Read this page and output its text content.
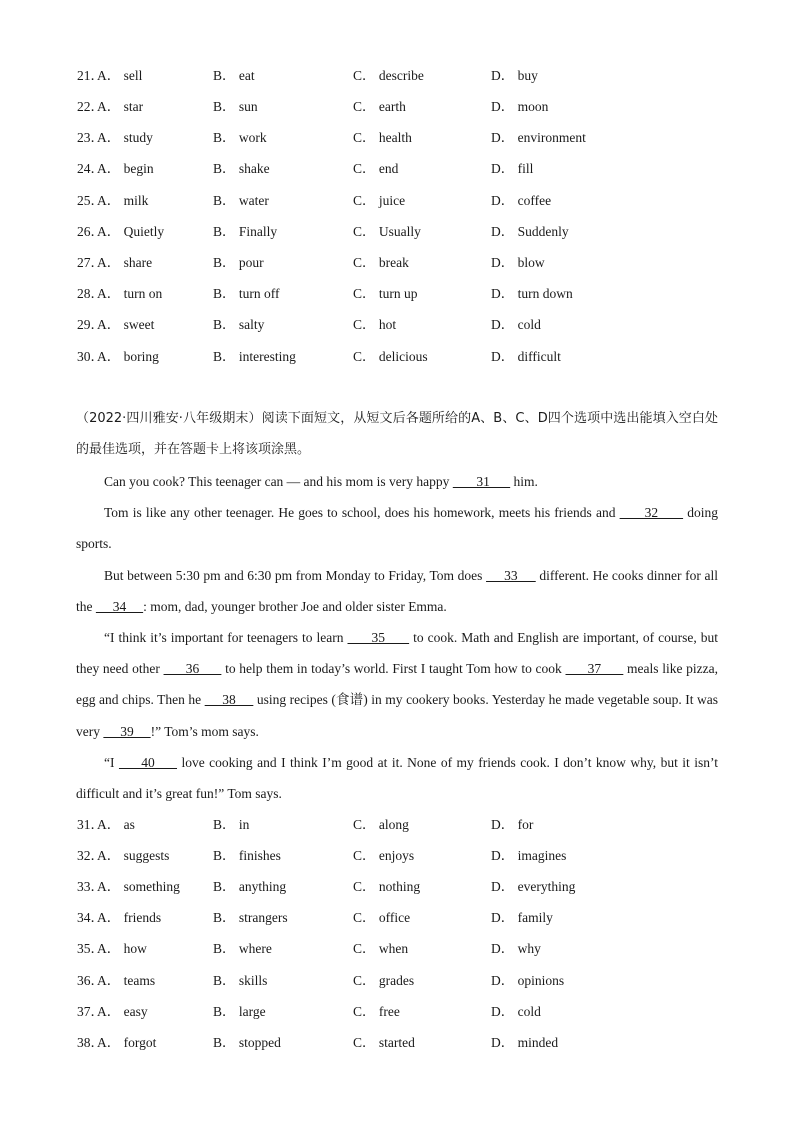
21．
A． sell	B． eat	C． describe	D． buy
22．
A． star	B． sun	C． earth	D． moon
23．
A． study	B． work	C． health	D． environment
24．
A． begin	B． shake	C． end	D． fill
25．
A． milk	B． water	C． juice	D． coffee
26．
A． Quietly	B． Finally	C． Usually	D． Suddenly
27．
A． share	B． pour	C． break	D． blow
28．
A． turn on	B． turn off	C． turn up	D． turn down
29．
A． sweet	B． salty	C． hot	D． cold
30．
A． boring	B． interesting	C． delicious	D． difficult
（2022·四川雅安·八年级期末）阅读下面短文，从短文后各题所给的A、B、C、D四个选项中选出能填入空白处的最佳选项，并在答题卡上将该项涂黑。
Can you cook? This teenager can — and his mom is very happy        31       him.
Tom is like any other teenager. He goes to school, does his homework, meets his friends and       32       doing sports.
But between 5:30 pm and 6:30 pm from Monday to Friday, Tom does      33      different. He cooks dinner for all the      34     : mom, dad, younger brother Joe and older sister Emma.
“I think it’s important for teenagers to learn       35       to cook. Math and English are important, of course, but they need other       36       to help them in today’s world. First I taught Tom how to cook       37       meals like pizza, egg and chips. Then he      38      using recipes (食谱) in my cookery books. Yesterday he made vegetable soup. It was very      39     !” Tom’s mom says.
“I      40      love cooking and I think I’m good at it. None of my friends cook. I don’t know why, but it isn’t difficult and it’s great fun!” Tom says.
31．
A． as	B． in	C． along	D． for
32．
A． suggests	B． finishes	C． enjoys	D． imagines
33．
A． something B． anything	C． nothing	D． everything
34．
A． friends	B． strangers	C． office	D． family
35．
A． how	B． where	C． when	D． why
36．
A． teams	B． skills	C． grades	D． opinions
37．
A． easy	B． large	C． free	D． cold
38．
A． forgot	B． stopped	C． started	D． minded
